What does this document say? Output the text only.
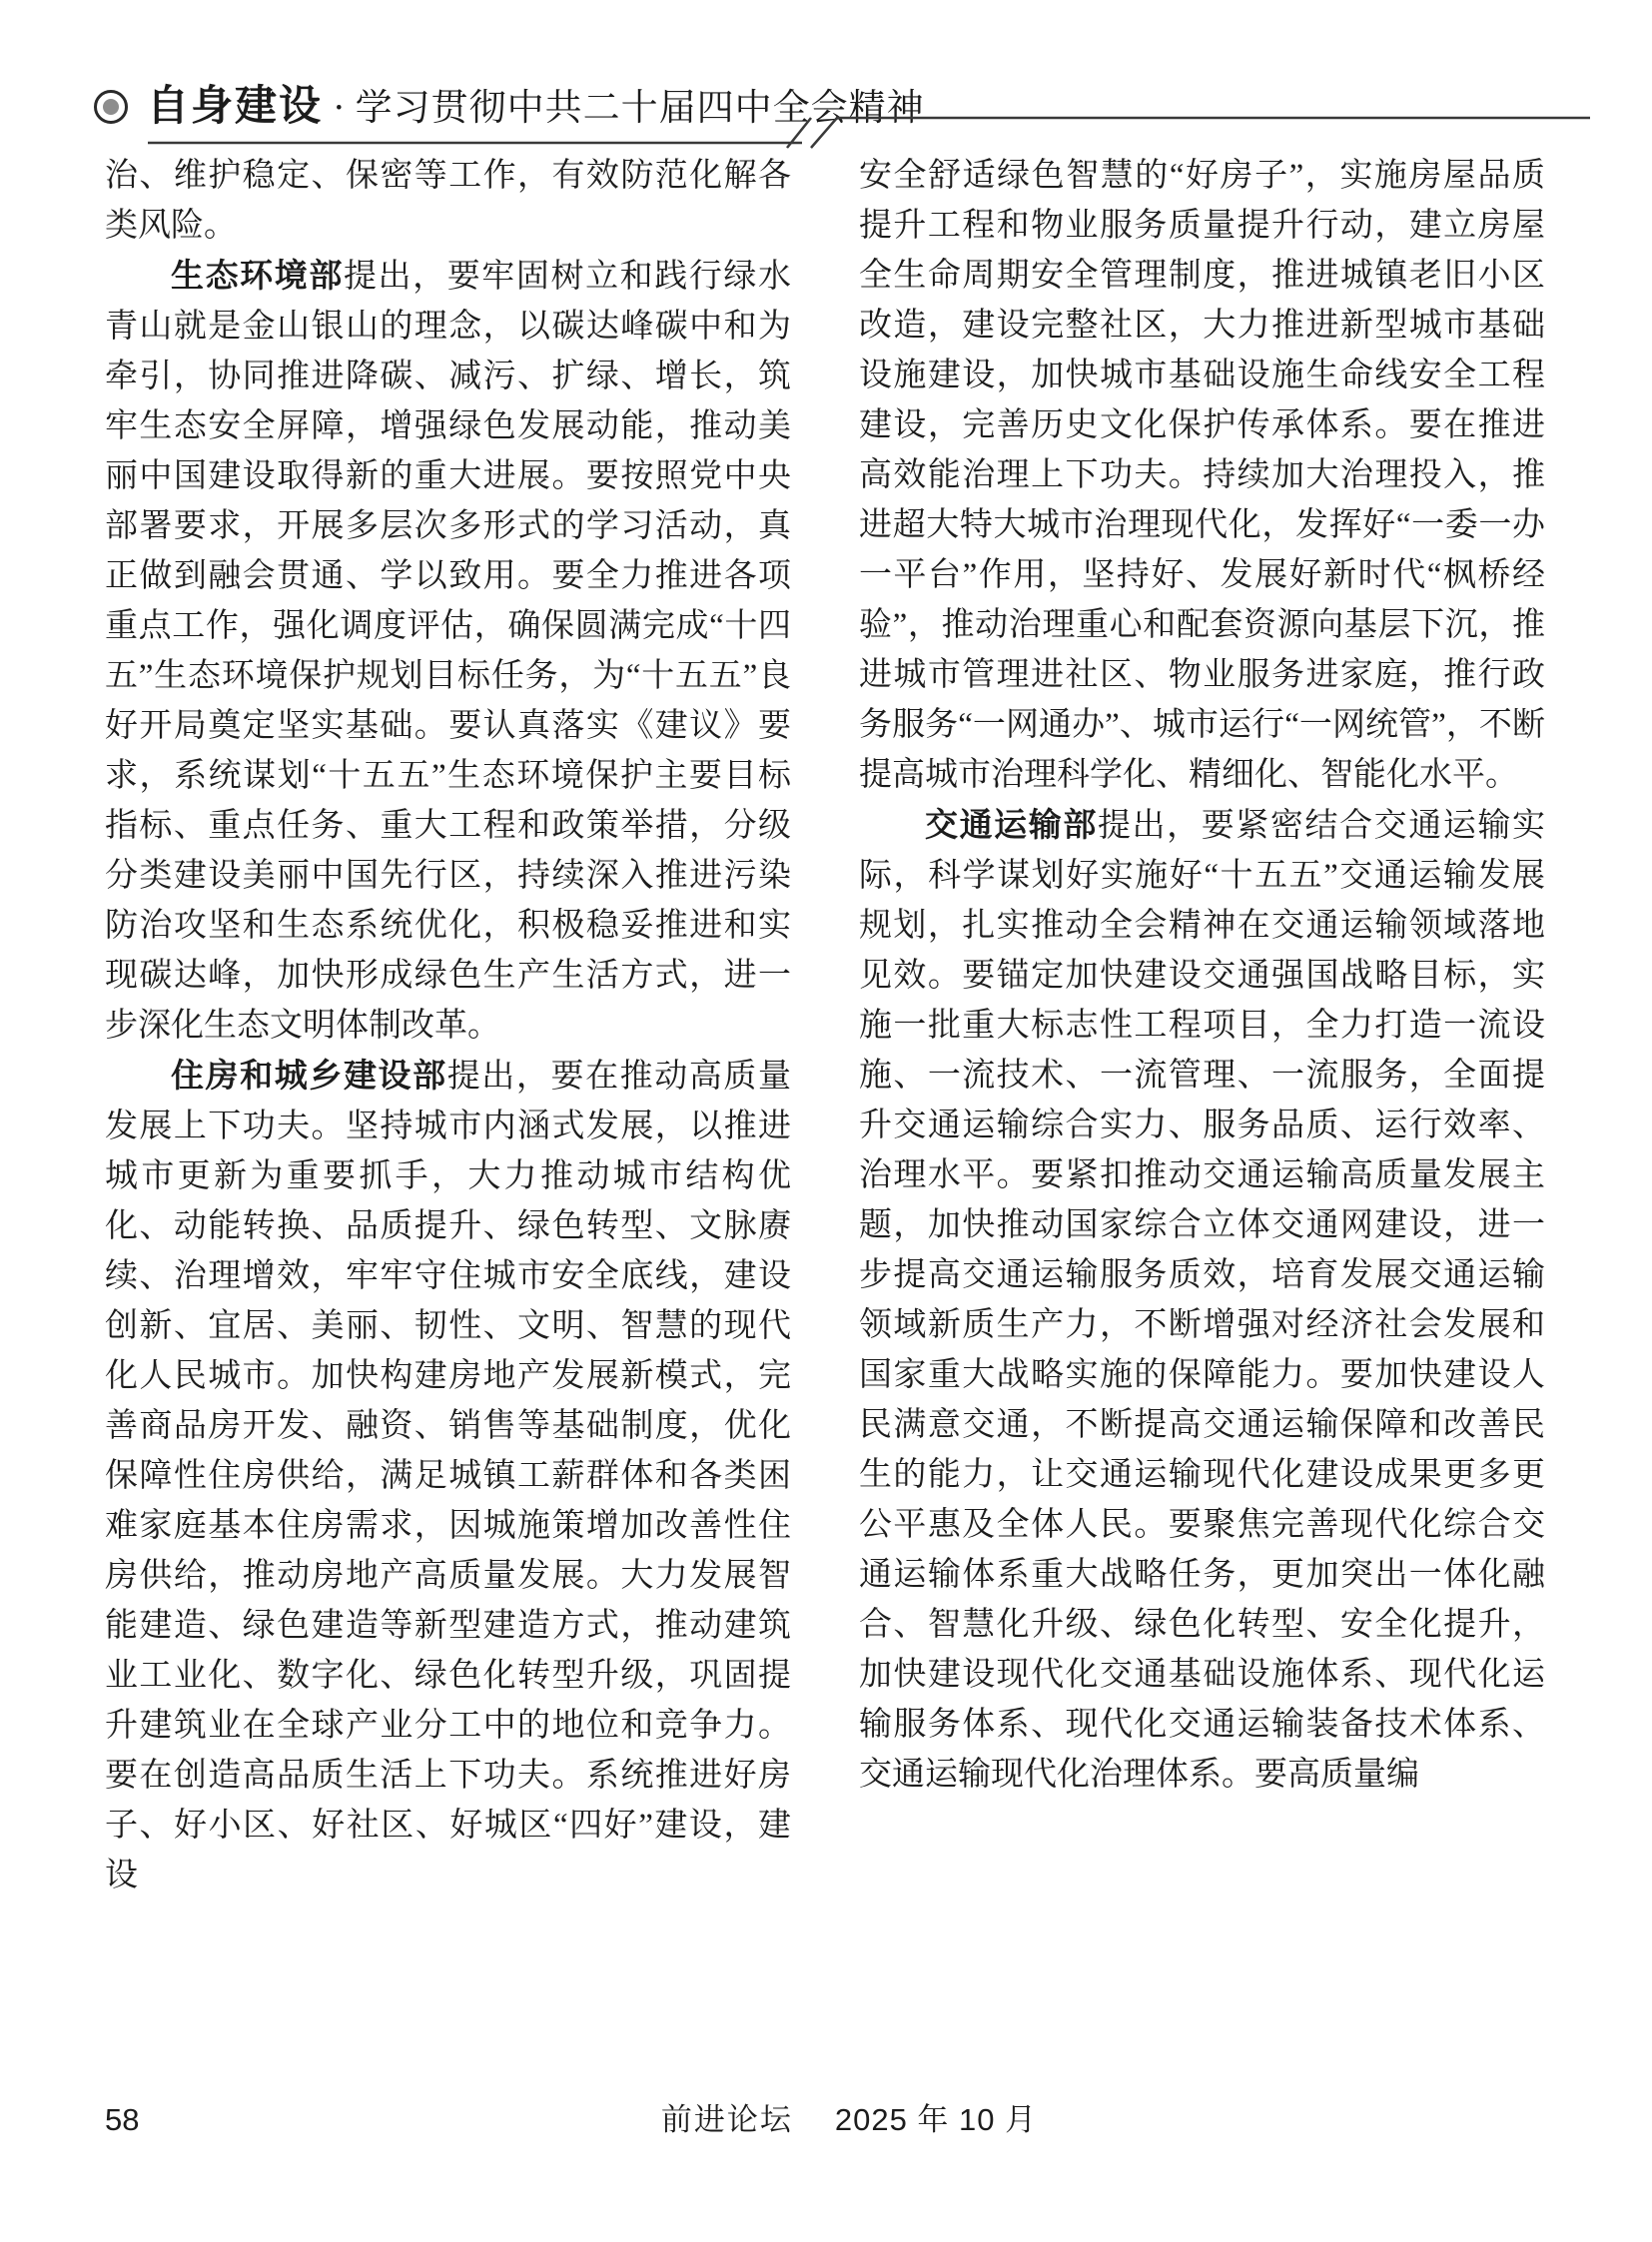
自身建设 · 学习贯彻中共二十届四中全会精神

治、维护稳定、保密等工作，有效防范化解各类风险。

生态环境部提出，要牢固树立和践行绿水青山就是金山银山的理念，以碳达峰碳中和为牵引，协同推进降碳、减污、扩绿、增长，筑牢生态安全屏障，增强绿色发展动能，推动美丽中国建设取得新的重大进展。要按照党中央部署要求，开展多层次多形式的学习活动，真正做到融会贯通、学以致用。要全力推进各项重点工作，强化调度评估，确保圆满完成“十四五”生态环境保护规划目标任务，为“十五五”良好开局奠定坚实基础。要认真落实《建议》要求，系统谋划“十五五”生态环境保护主要目标指标、重点任务、重大工程和政策举措，分级分类建设美丽中国先行区，持续深入推进污染防治攻坚和生态系统优化，积极稳妥推进和实现碳达峰，加快形成绿色生产生活方式，进一步深化生态文明体制改革。

住房和城乡建设部提出，要在推动高质量发展上下功夫。坚持城市内涵式发展，以推进城市更新为重要抓手，大力推动城市结构优化、动能转换、品质提升、绿色转型、文脉赓续、治理增效，牢牢守住城市安全底线，建设创新、宜居、美丽、韧性、文明、智慧的现代化人民城市。加快构建房地产发展新模式，完善商品房开发、融资、销售等基础制度，优化保障性住房供给，满足城镇工薪群体和各类困难家庭基本住房需求，因城施策增加改善性住房供给，推动房地产高质量发展。大力发展智能建造、绿色建造等新型建造方式，推动建筑业工业化、数字化、绿色化转型升级，巩固提升建筑业在全球产业分工中的地位和竞争力。要在创造高品质生活上下功夫。系统推进好房子、好小区、好社区、好城区“四好”建设，建设

安全舒适绿色智慧的“好房子”，实施房屋品质提升工程和物业服务质量提升行动，建立房屋全生命周期安全管理制度，推进城镇老旧小区改造，建设完整社区，大力推进新型城市基础设施建设，加快城市基础设施生命线安全工程建设，完善历史文化保护传承体系。要在推进高效能治理上下功夫。持续加大治理投入，推进超大特大城市治理现代化，发挥好“一委一办一平台”作用，坚持好、发展好新时代“枫桥经验”，推动治理重心和配套资源向基层下沉，推进城市管理进社区、物业服务进家庭，推行政务服务“一网通办”、城市运行“一网统管”，不断提高城市治理科学化、精细化、智能化水平。

交通运输部提出，要紧密结合交通运输实际，科学谋划好实施好“十五五”交通运输发展规划，扎实推动全会精神在交通运输领域落地见效。要锚定加快建设交通强国战略目标，实施一批重大标志性工程项目，全力打造一流设施、一流技术、一流管理、一流服务，全面提升交通运输综合实力、服务品质、运行效率、治理水平。要紧扣推动交通运输高质量发展主题，加快推动国家综合立体交通网建设，进一步提高交通运输服务质效，培育发展交通运输领域新质生产力，不断增强对经济社会发展和国家重大战略实施的保障能力。要加快建设人民满意交通，不断提高交通运输保障和改善民生的能力，让交通运输现代化建设成果更多更公平惠及全体人民。要聚焦完善现代化综合交通运输体系重大战略任务，更加突出一体化融合、智慧化升级、绿色化转型、安全化提升，加快建设现代化交通基础设施体系、现代化运输服务体系、现代化交通运输装备技术体系、交通运输现代化治理体系。要高质量编

58	前进论坛 2025 年 10 月
